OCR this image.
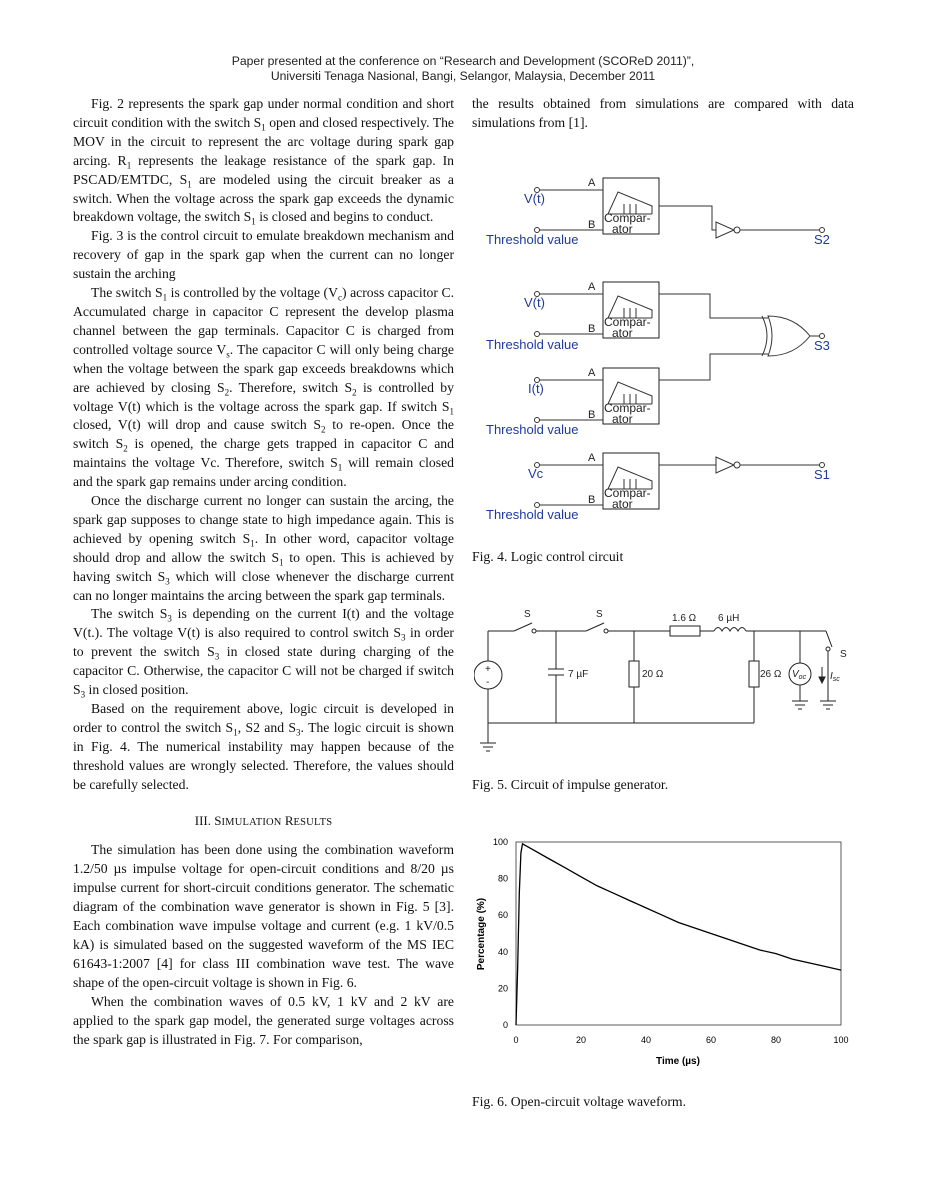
Paper presented at the conference on “Research and Development (SCOReD 2011)”,
Universiti Tenaga Nasional, Bangi, Selangor, Malaysia, December 2011

Fig. 2 represents the spark gap under normal condition and short circuit condition with the switch $S_1$ open and closed respectively. The MOV in the circuit to represent the arc voltage during spark gap arcing. $R_1$ represents the leakage resistance of the spark gap. In PSCAD/EMTDC, $S_1$ are modeled using the circuit breaker as a switch. When the voltage across the spark gap exceeds the dynamic breakdown voltage, the switch $S_1$ is closed and begins to conduct.

Fig. 3 is the control circuit to emulate breakdown mechanism and recovery of gap in the spark gap when the current can no longer sustain the arching

The switch $S_1$ is controlled by the voltage $(V_c)$ across capacitor C. Accumulated charge in capacitor C represent the develop plasma channel between the gap terminals. Capacitor C is charged from controlled voltage source $V_s$. The capacitor C will only being charge when the voltage between the spark gap exceeds breakdowns which are achieved by closing $S_2$. Therefore, switch $S_2$ is controlled by voltage V(t) which is the voltage across the spark gap. If switch $S_1$ closed, V(t) will drop and cause switch $S_2$ to re-open. Once the switch $S_2$ is opened, the charge gets trapped in capacitor C and maintains the voltage Vc. Therefore, switch $S_1$ will remain closed and the spark gap remains under arcing condition.

Once the discharge current no longer can sustain the arcing, the spark gap supposes to change state to high impedance again. This is achieved by opening switch $S_1$. In other word, capacitor voltage should drop and allow the switch $S_1$ to open. This is achieved by having switch $S_3$ which will close whenever the discharge current can no longer maintains the arcing between the spark gap terminals.

The switch $S_3$ is depending on the current I(t) and the voltage V(t.). The voltage V(t) is also required to control switch $S_3$ in order to prevent the switch $S_3$ in closed state during charging of the capacitor C. Otherwise, the capacitor C will not be charged if switch $S_3$ in closed position.

Based on the requirement above, logic circuit is developed in order to control the switch $S_1$, S2 and $S_3$. The logic circuit is shown in Fig. 4. The numerical instability may happen because of the threshold values are wrongly selected. Therefore, the values should be carefully selected.

III. SIMULATION RESULTS

The simulation has been done using the combination waveform 1.2/50 µs impulse voltage for open-circuit conditions and 8/20 µs impulse current for short-circuit conditions generator. The schematic diagram of the combination wave generator is shown in Fig. 5 [3]. Each combination wave impulse voltage and current (e.g. 1 kV/0.5 kA) is simulated based on the suggested waveform of the MS IEC 61643-1:2007 [4] for class III combination wave test. The wave shape of the open-circuit voltage is shown in Fig. 6.

When the combination waves of 0.5 kV, 1 kV and 2 kV are applied to the spark gap model, the generated surge voltages across the spark gap is illustrated in Fig. 7. For comparison,

the results obtained from simulations are compared with data simulations from [1].

V(t)
Threshold value
V(t)
Threshold value
I(t)
Threshold value
Vc
Threshold value
S2
S3
S1
A
B Compar-
ator
A
B Compar-
ator
A
B Compar-
ator
A
B Compar-
ator
Fig. 4. Logic control circuit
S	S	1.6 Ω 6 µH
7 µF	20 Ω	26 Ω
S
+
-
$V_{oc}$ $I_{sc}$
Fig. 5. Circuit of impulse generator.
0	20	40	60	80	100
0
20
40
60
80
100
Time (µs)
Percentage (%)
Fig. 6. Open-circuit voltage waveform.
